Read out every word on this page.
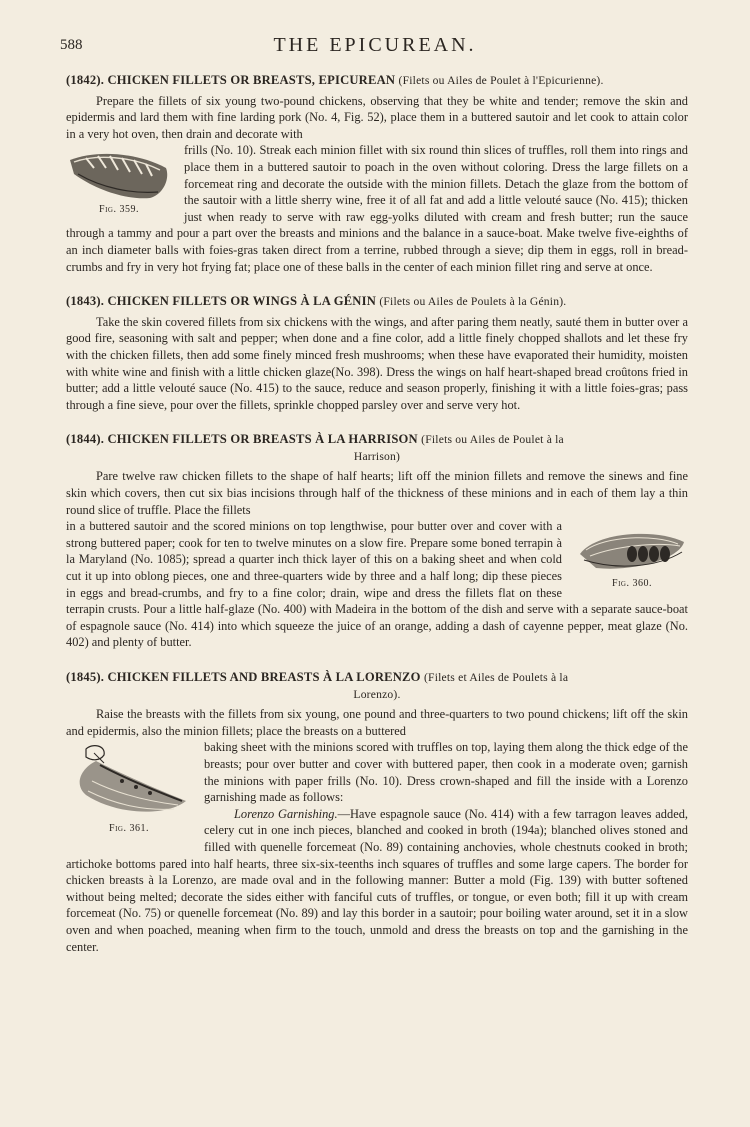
588	THE EPICUREAN.
(1842). CHICKEN FILLETS OR BREASTS, EPICUREAN (Filets ou Ailes de Poulet à l'Epicurienne).

Prepare the fillets of six young two-pound chickens, observing that they be white and tender; remove the skin and epidermis and lard them with fine larding pork (No. 4, Fig. 52), place them in a buttered sautoir and let cook to attain color in a very hot oven, then drain and decorate with

Fig. 359.

frills (No. 10). Streak each minion fillet with six round thin slices of truffles, roll them into rings and place them in a buttered sautoir to poach in the oven without coloring. Dress the large fillets on a forcemeat ring and decorate the outside with the minion fillets. Detach the glaze from the bottom of the sautoir with a little sherry wine, free it of all fat and add a little velouté sauce (No. 415); thicken just when ready to serve with raw egg-yolks diluted with cream and fresh butter; run the sauce through a tammy and pour a part over the breasts and minions and the balance in a sauce-boat. Make twelve five-eighths of an inch diameter balls with foies-gras taken direct from a terrine, rubbed through a sieve; dip them in eggs, roll in bread-crumbs and fry in very hot frying fat; place one of these balls in the center of each minion fillet ring and serve at once.

(1843). CHICKEN FILLETS OR WINGS À LA GÉNIN (Filets ou Ailes de Poulets à la Génin).

Take the skin covered fillets from six chickens with the wings, and after paring them neatly, sauté them in butter over a good fire, seasoning with salt and pepper; when done and a fine color, add a little finely chopped shallots and let these fry with the chicken fillets, then add some finely minced fresh mushrooms; when these have evaporated their humidity, moisten with white wine and finish with a little chicken glaze(No. 398). Dress the wings on half heart-shaped bread croûtons fried in butter; add a little velouté sauce (No. 415) to the sauce, reduce and season properly, finishing it with a little foies-gras; pass through a fine sieve, pour over the fillets, sprinkle chopped parsley over and serve very hot.

(1844). CHICKEN FILLETS OR BREASTS À LA HARRISON (Filets ou Ailes de Poulet à la
Harrison)

Pare twelve raw chicken fillets to the shape of half hearts; lift off the minion fillets and remove the sinews and fine skin which covers, then cut six bias incisions through half of the thickness of these minions and in each of them lay a thin round slice of truffle. Place the fillets

Fig. 360.

in a buttered sautoir and the scored minions on top lengthwise, pour butter over and cover with a strong buttered paper; cook for ten to twelve minutes on a slow fire. Prepare some boned terrapin à la Maryland (No. 1085); spread a quarter inch thick layer of this on a baking sheet and when cold cut it up into oblong pieces, one and three-quarters wide by three and a half long; dip these pieces in eggs and bread-crumbs, and fry to a fine color; drain, wipe and dress the fillets flat on these terrapin crusts. Pour a little half-glaze (No. 400) with Madeira in the bottom of the dish and serve with a separate sauce-boat of espagnole sauce (No. 414) into which squeeze the juice of an orange, adding a dash of cayenne pepper, meat glaze (No. 402) and plenty of butter.

(1845). CHICKEN FILLETS AND BREASTS À LA LORENZO (Filets et Ailes de Poulets à la
Lorenzo).

Raise the breasts with the fillets from six young, one pound and three-quarters to two pound chickens; lift off the skin and epidermis, also the minion fillets; place the breasts on a buttered

Fig. 361.

baking sheet with the minions scored with truffles on top, laying them along the thick edge of the breasts; pour over butter and cover with buttered paper, then cook in a moderate oven; garnish the minions with paper frills (No. 10). Dress crown-shaped and fill the inside with a Lorenzo garnishing made as follows:

Lorenzo Garnishing.—Have espagnole sauce (No. 414) with a few tarragon leaves added, celery cut in one inch pieces, blanched and cooked in broth (194a); blanched olives stoned and filled with quenelle forcemeat (No. 89) containing anchovies, whole chestnuts cooked in broth; artichoke bottoms pared into half hearts, three six-six-teenths inch squares of truffles and some large capers. The border for chicken breasts à la Lorenzo, are made oval and in the following manner: Butter a mold (Fig. 139) with butter softened without being melted; decorate the sides either with fanciful cuts of truffles, or tongue, or even both; fill it up with cream forcemeat (No. 75) or quenelle forcemeat (No. 89) and lay this border in a sautoir; pour boiling water around, set it in a slow oven and when poached, meaning when firm to the touch, unmold and dress the breasts on top and the garnishing in the center.
